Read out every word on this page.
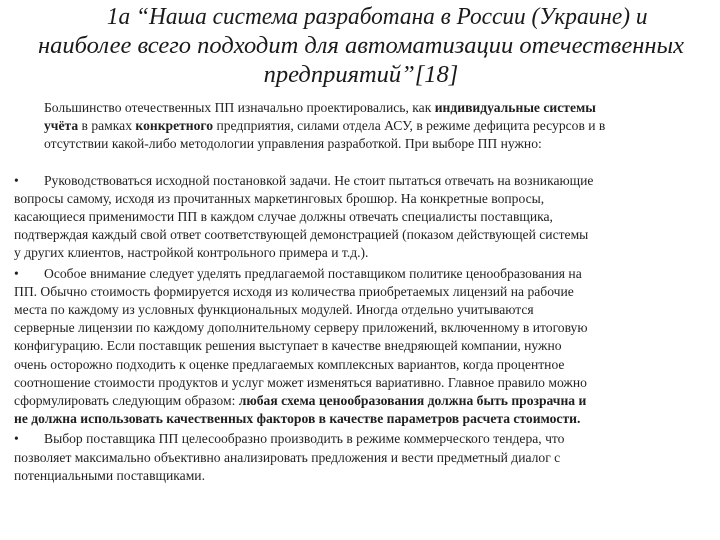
1а “Наша система разработана в России (Украине) и
наиболее всего подходит для автоматизации отечественных
предприятий”[18]

Большинство отечественных ПП изначально проектировались, как индивидуальные системы
учёта в рамках конкретного предприятия, силами отдела АСУ, в режиме дефицита ресурсов и в
отсутствии какой-либо методологии управления разработкой. При выборе ПП нужно:

• Руководствоваться исходной постановкой задачи. Не стоит пытаться отвечать на возникающие
вопросы самому, исходя из прочитанных маркетинговых брошюр. На конкретные вопросы,
касающиеся применимости ПП в каждом случае должны отвечать специалисты поставщика,
подтверждая каждый свой ответ соответствующей демонстрацией (показом действующей системы
у других клиентов, настройкой контрольного примера и т.д.).

• Особое внимание следует уделять предлагаемой поставщиком политике ценообразования на
ПП. Обычно стоимость формируется исходя из количества приобретаемых лицензий на рабочие
места по каждому из условных функциональных модулей. Иногда отдельно учитываются
серверные лицензии по каждому дополнительному серверу приложений, включенному в итоговую
конфигурацию. Если поставщик решения выступает в качестве внедряющей компании, нужно
очень осторожно подходить к оценке предлагаемых комплексных вариантов, когда процентное
соотношение стоимости продуктов и услуг может изменяться вариативно. Главное правило можно
сформулировать следующим образом: любая схема ценообразования должна быть прозрачна и
не должна использовать качественных факторов в качестве параметров расчета стоимости.

• Выбор поставщика ПП целесообразно производить в режиме коммерческого тендера, что
позволяет максимально объективно анализировать предложения и вести предметный диалог с
потенциальными поставщиками.
